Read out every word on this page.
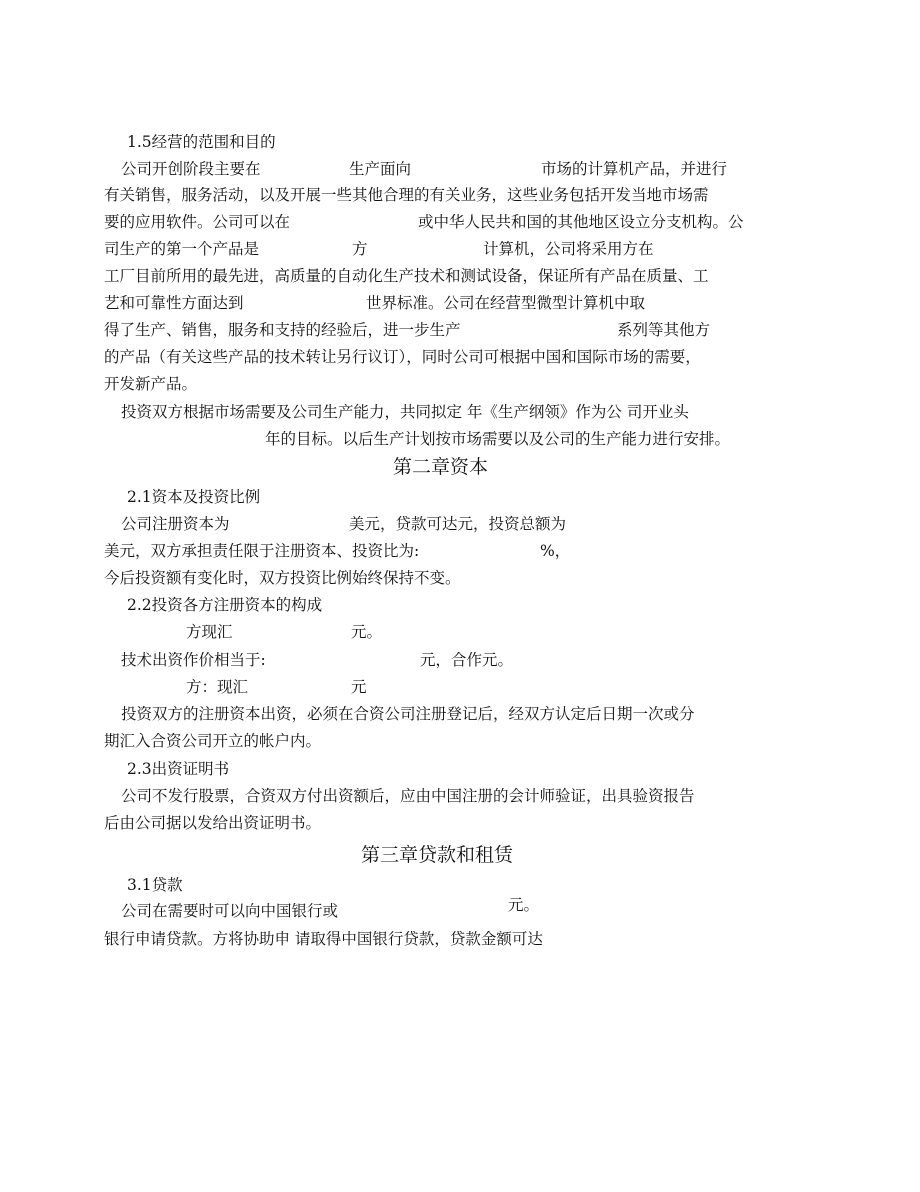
1.5经营的范围和目的
公司开创阶段主要在	生产面向	市场的计算机产品，并进行
有关销售，服务活动，以及开展一些其他合理的有关业务，这些业务包括开发当地市场需
要的应用软件。公司可以在	或中华人民共和国的其他地区设立分支机构。公
司生产的第一个产品是	方	计算机，公司将采用方在
工厂目前所用的最先进，高质量的自动化生产技术和测试设备，保证所有产品在质量、工
艺和可靠性方面达到	世界标准。公司在经营型微型计算机中取
得了生产、销售，服务和支持的经验后，进一步生产	系列等其他方
的产品（有关这些产品的技术转让另行议订），同时公司可根据中国和国际市场的需要，
开发新产品。
投资双方根据市场需要及公司生产能力，共同拟定 年《生产纲领》作为公 司开业头
年的目标。以后生产计划按市场需要以及公司的生产能力进行安排。
第二章资本
2.1资本及投资比例
公司注册资本为	美元，贷款可达元，投资总额为
美元，双方承担责任限于注册资本、投资比为:	%，
今后投资额有变化时，双方投资比例始终保持不变。
2.2投资各方注册资本的构成
方现汇	元。
技术出资作价相当于:	元，合作元。
方：现汇	元
投资双方的注册资本出资，必须在合资公司注册登记后，经双方认定后日期一次或分
期汇入合资公司开立的帐户内。
2.3出资证明书
公司不发行股票，合资双方付出资额后，应由中国注册的会计师验证，出具验资报告
后由公司据以发给出资证明书。
第三章贷款和租赁
3.1贷款
公司在需要时可以向中国银行或	元。
银行申请贷款。方将协助申 请取得中国银行贷款，贷款金额可达
